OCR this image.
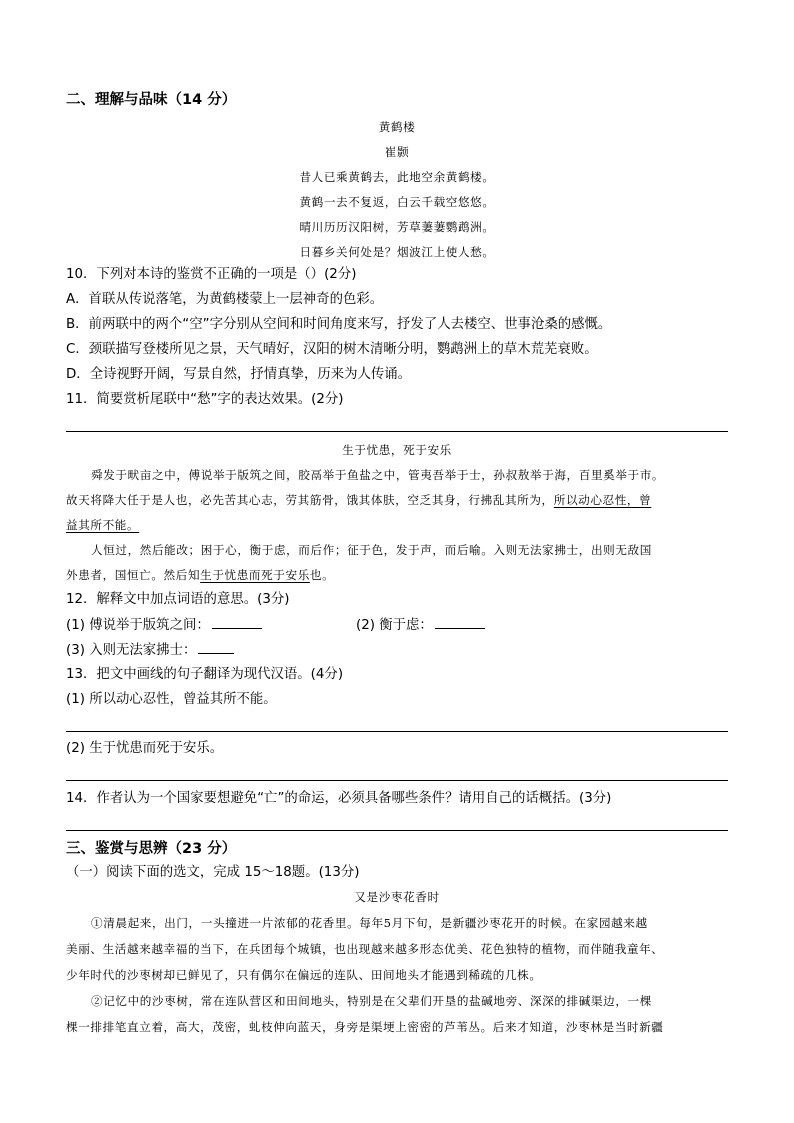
二、理解与品味（14 分）
黄鹤楼
崔颢
昔人已乘黄鹤去，此地空余黄鹤楼。
黄鹤一去不复返，白云千载空悠悠。
晴川历历汉阳树，芳草萋萋鹦鹉洲。
日暮乡关何处是？烟波江上使人愁。
10．下列对本诗的鉴赏不正确的一项是（）(2分)
A．首联从传说落笔，为黄鹤楼蒙上一层神奇的色彩。
B．前两联中的两个“空”字分别从空间和时间角度来写，抒发了人去楼空、世事沧桑的感慨。
C．颈联描写登楼所见之景，天气晴好，汉阳的树木清晰分明，鹦鹉洲上的草木荒芜衰败。
D．全诗视野开阔，写景自然，抒情真挚，历来为人传诵。
11．简要赏析尾联中“愁”字的表达效果。(2分)
生于忧患，死于安乐
舜发于畎亩之中，傅说举于版筑之间，胶鬲举于鱼盐之中，管夷吾举于士，孙叔敖举于海，百里奚举于市。
故天将降大任于是人也，必先苦其心志，劳其筋骨，饿其体肤，空乏其身，行拂乱其所为，所以动心忍性，曾
益其所不能。
人恒过，然后能改；困于心，衡于虑，而后作；征于色，发于声，而后喻。入则无法家拂士，出则无敌国
外患者，国恒亡。然后知生于忧患而死于安乐也。
12．解释文中加点词语的意思。(3分)
(1) 傅说举于版筑之间：	(2) 衡于虑：
(3) 入则无法家拂士：
13．把文中画线的句子翻译为现代汉语。(4分)
(1) 所以动心忍性，曾益其所不能。
(2) 生于忧患而死于安乐。
14．作者认为一个国家要想避免“亡”的命运，必须具备哪些条件？请用自己的话概括。(3分)
三、鉴赏与思辨（23 分）
（一）阅读下面的选文，完成 15～18题。(13分)
又是沙枣花香时
①清晨起来，出门，一头撞进一片浓郁的花香里。每年5月下旬，是新疆沙枣花开的时候。在家园越来越
美丽、生活越来越幸福的当下，在兵团每个城镇，也出现越来越多形态优美、花色独特的植物，而伴随我童年、
少年时代的沙枣树却已鲜见了，只有偶尔在偏远的连队、田间地头才能遇到稀疏的几株。
②记忆中的沙枣树，常在连队营区和田间地头，特别是在父辈们开垦的盐碱地旁、深深的排碱渠边，一棵
棵一排排笔直立着，高大，茂密，虬枝伸向蓝天，身旁是渠埂上密密的芦苇丛。后来才知道，沙枣林是当时新疆
